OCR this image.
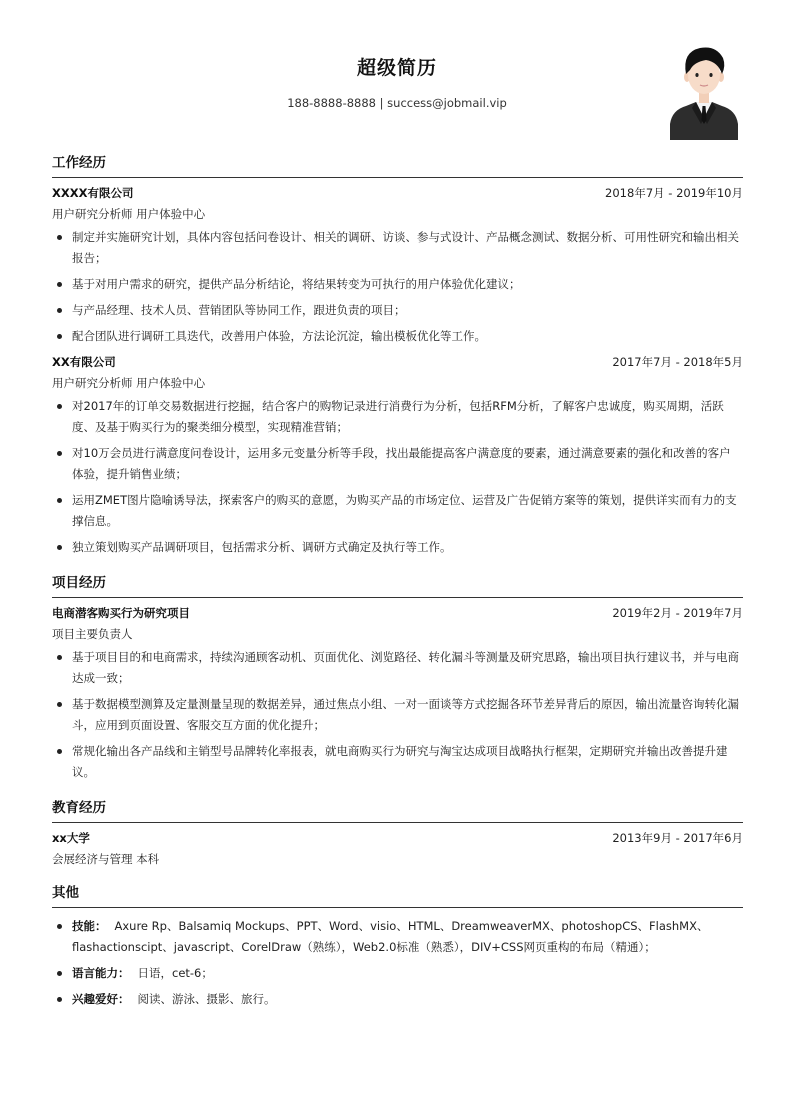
超级简历
188-8888-8888 | success@jobmail.vip
工作经历
XXXX有限公司	2018年7月 - 2019年10月
用户研究分析师 用户体验中心
制定并实施研究计划，具体内容包括问卷设计、相关的调研、访谈、参与式设计、产品概念测试、数据分析、可用性研究和输出相关报告；
基于对用户需求的研究，提供产品分析结论，将结果转变为可执行的用户体验优化建议；
与产品经理、技术人员、营销团队等协同工作，跟进负责的项目；
配合团队进行调研工具迭代，改善用户体验，方法论沉淀，输出模板优化等工作。
XX有限公司	2017年7月 - 2018年5月
用户研究分析师 用户体验中心
对2017年的订单交易数据进行挖掘，结合客户的购物记录进行消费行为分析，包括RFM分析，了解客户忠诚度，购买周期，活跃度、及基于购买行为的聚类细分模型，实现精准营销；
对10万会员进行满意度问卷设计，运用多元变量分析等手段，找出最能提高客户满意度的要素，通过满意要素的强化和改善的客户体验，提升销售业绩；
运用ZMET图片隐喻诱导法，探索客户的购买的意愿，为购买产品的市场定位、运营及广告促销方案等的策划，提供详实而有力的支撑信息。
独立策划购买产品调研项目，包括需求分析、调研方式确定及执行等工作。
项目经历
电商潜客购买行为研究项目	2019年2月 - 2019年7月
项目主要负责人
基于项目目的和电商需求，持续沟通顾客动机、页面优化、浏览路径、转化漏斗等测量及研究思路，输出项目执行建议书，并与电商达成一致；
基于数据模型测算及定量测量呈现的数据差异，通过焦点小组、一对一面谈等方式挖掘各环节差异背后的原因，输出流量咨询转化漏斗，应用到页面设置、客服交互方面的优化提升；
常规化输出各产品线和主销型号品牌转化率报表，就电商购买行为研究与淘宝达成项目战略执行框架，定期研究并输出改善提升建议。
教育经历
xx大学	2013年9月 - 2017年6月
会展经济与管理 本科
其他
技能： Axure Rp、Balsamiq Mockups、PPT、Word、visio、HTML、DreamweaverMX、photoshopCS、FlashMX、flashactionscipt、javascript、CorelDraw（熟练），Web2.0标准（熟悉），DIV+CSS网页重构的布局（精通）；
语言能力： 日语，cet-6；
兴趣爱好： 阅读、游泳、摄影、旅行。
